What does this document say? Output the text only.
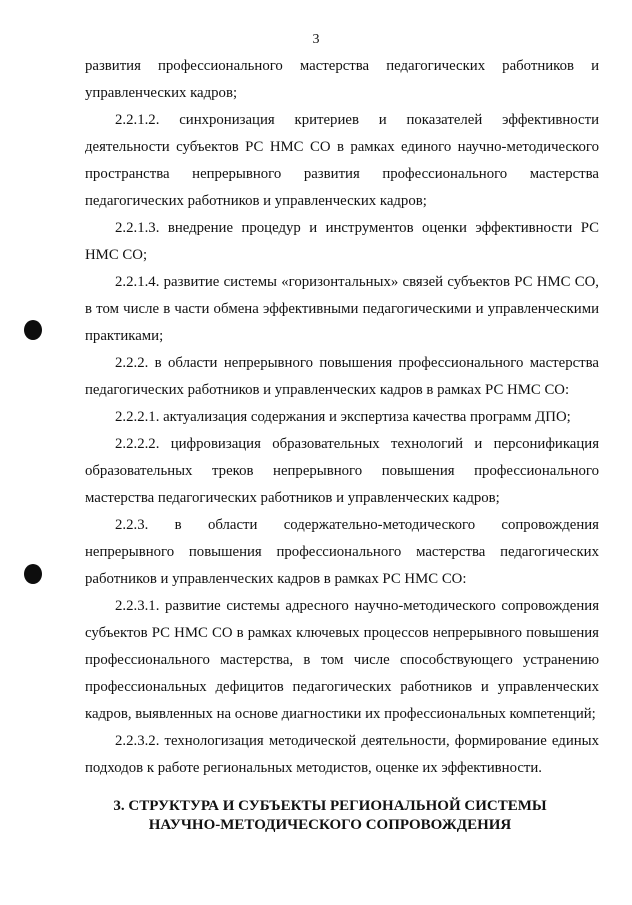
3

развития профессионального мастерства педагогических работников и управленческих кадров;

2.2.1.2. синхронизация критериев и показателей эффективности деятельности субъектов РС НМС СО в рамках единого научно-методического пространства непрерывного развития профессионального мастерства педагогических работников и управленческих кадров;

2.2.1.3. внедрение процедур и инструментов оценки эффективности РС НМС СО;

2.2.1.4. развитие системы «горизонтальных» связей субъектов РС НМС СО, в том числе в части обмена эффективными педагогическими и управленческими практиками;

2.2.2. в области непрерывного повышения профессионального мастерства педагогических работников и управленческих кадров в рамках РС НМС СО:

2.2.2.1. актуализация содержания и экспертиза качества программ ДПО;

2.2.2.2. цифровизация образовательных технологий и персонификация образовательных треков непрерывного повышения профессионального мастерства педагогических работников и управленческих кадров;

2.2.3. в области содержательно-методического сопровождения непрерывного повышения профессионального мастерства педагогических работников и управленческих кадров в рамках РС НМС СО:

2.2.3.1. развитие системы адресного научно-методического сопровождения субъектов РС НМС СО в рамках ключевых процессов непрерывного повышения профессионального мастерства, в том числе способствующего устранению профессиональных дефицитов педагогических работников и управленческих кадров, выявленных на основе диагностики их профессиональных компетенций;

2.2.3.2. технологизация методической деятельности, формирование единых подходов к работе региональных методистов, оценке их эффективности.

3. СТРУКТУРА И СУБЪЕКТЫ РЕГИОНАЛЬНОЙ СИСТЕМЫ
НАУЧНО-МЕТОДИЧЕСКОГО СОПРОВОЖДЕНИЯ
